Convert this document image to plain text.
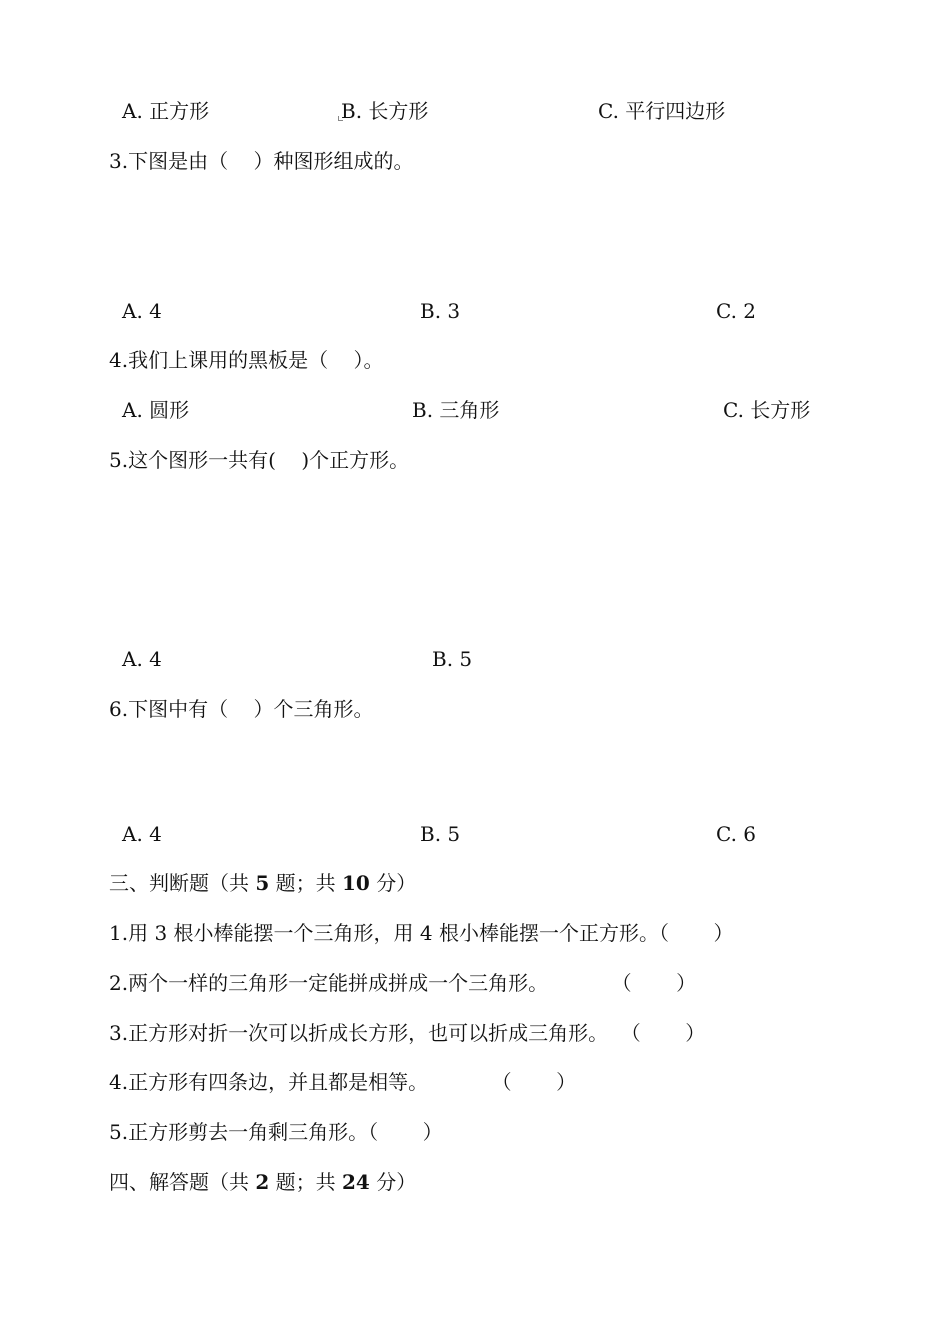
A. 正方形	B. 长方形	C. 平行四边形
3.下图是由（    ）种图形组成的。
A. 4	B. 3	C. 2
4.我们上课用的黑板是（    ）。
A. 圆形	B. 三角形	C. 长方形
5.这个图形一共有(    )个正方形。
A. 4	B. 5
6.下图中有（    ）个三角形。
A. 4	B. 5	C. 6
三、判断题（共 5 题；共 10 分）
1.用 3 根小棒能摆一个三角形，用 4 根小棒能摆一个正方形。（       ）
2.两个一样的三角形一定能拼成拼成一个三角形。          （       ）
3.正方形对折一次可以折成长方形，也可以折成三角形。  （       ）
4.正方形有四条边，并且都是相等。          （       ）
5.正方形剪去一角剩三角形。（       ）
四、解答题（共 2 题；共 24 分）
